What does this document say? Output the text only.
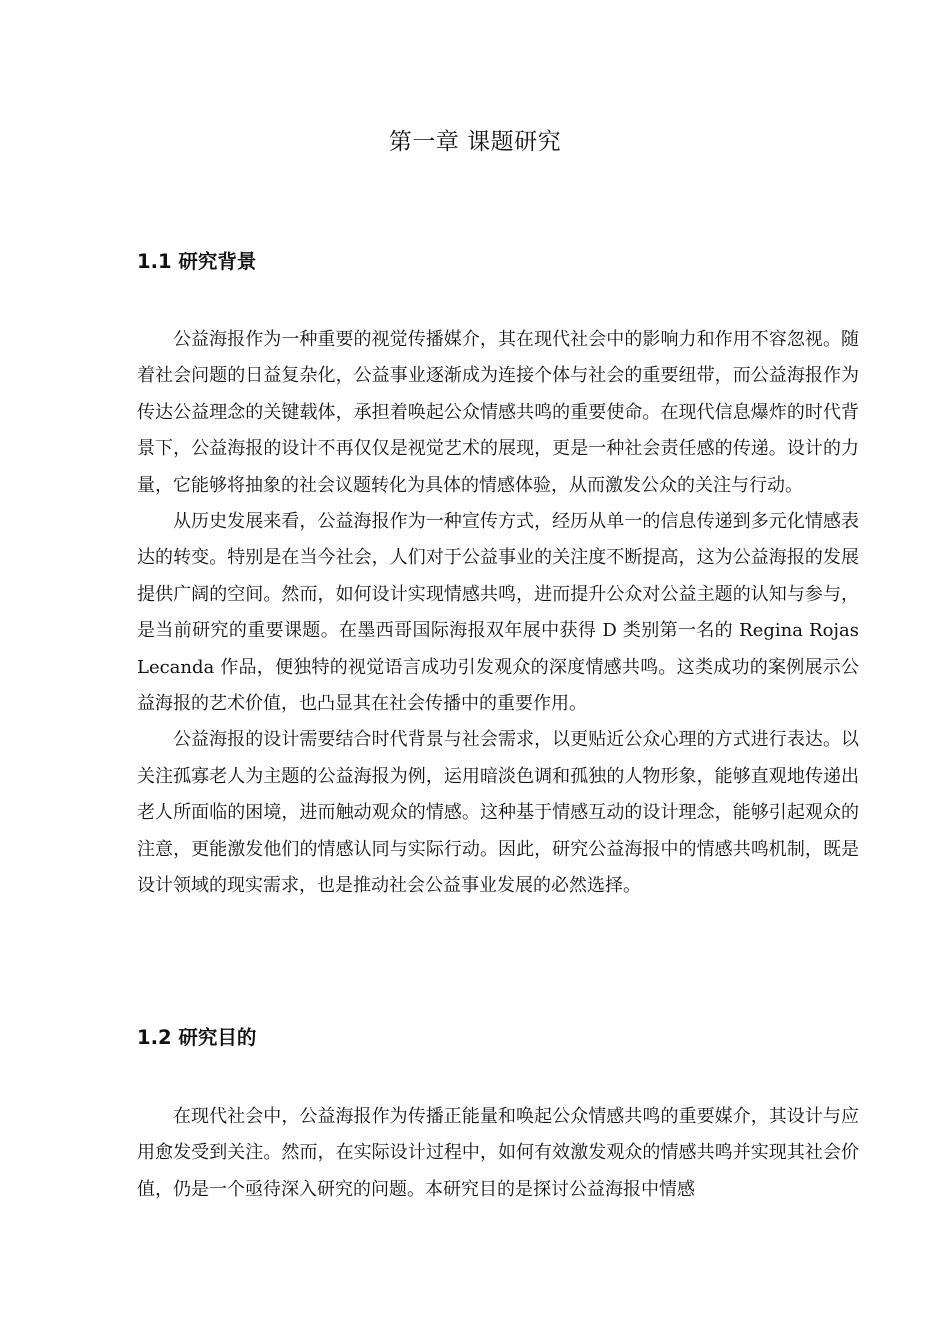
第一章 课题研究
1.1 研究背景

公益海报作为一种重要的视觉传播媒介，其在现代社会中的影响力和作用不容忽视。随着社会问题的日益复杂化，公益事业逐渐成为连接个体与社会的重要纽带，而公益海报作为传达公益理念的关键载体，承担着唤起公众情感共鸣的重要使命。在现代信息爆炸的时代背景下，公益海报的设计不再仅仅是视觉艺术的展现，更是一种社会责任感的传递。设计的力量，它能够将抽象的社会议题转化为具体的情感体验，从而激发公众的关注与行动。

从历史发展来看，公益海报作为一种宣传方式，经历从单一的信息传递到多元化情感表达的转变。特别是在当今社会，人们对于公益事业的关注度不断提高，这为公益海报的发展提供广阔的空间。然而，如何设计实现情感共鸣，进而提升公众对公益主题的认知与参与，是当前研究的重要课题。在墨西哥国际海报双年展中获得 D 类别第一名的 Regina Rojas Lecanda 作品，便独特的视觉语言成功引发观众的深度情感共鸣。这类成功的案例展示公益海报的艺术价值，也凸显其在社会传播中的重要作用。

公益海报的设计需要结合时代背景与社会需求，以更贴近公众心理的方式进行表达。以关注孤寡老人为主题的公益海报为例，运用暗淡色调和孤独的人物形象，能够直观地传递出老人所面临的困境，进而触动观众的情感。这种基于情感互动的设计理念，能够引起观众的注意，更能激发他们的情感认同与实际行动。因此，研究公益海报中的情感共鸣机制，既是设计领域的现实需求，也是推动社会公益事业发展的必然选择。

1.2 研究目的

在现代社会中，公益海报作为传播正能量和唤起公众情感共鸣的重要媒介，其设计与应用愈发受到关注。然而，在实际设计过程中，如何有效激发观众的情感共鸣并实现其社会价值，仍是一个亟待深入研究的问题。本研究目的是探讨公益海报中情感
